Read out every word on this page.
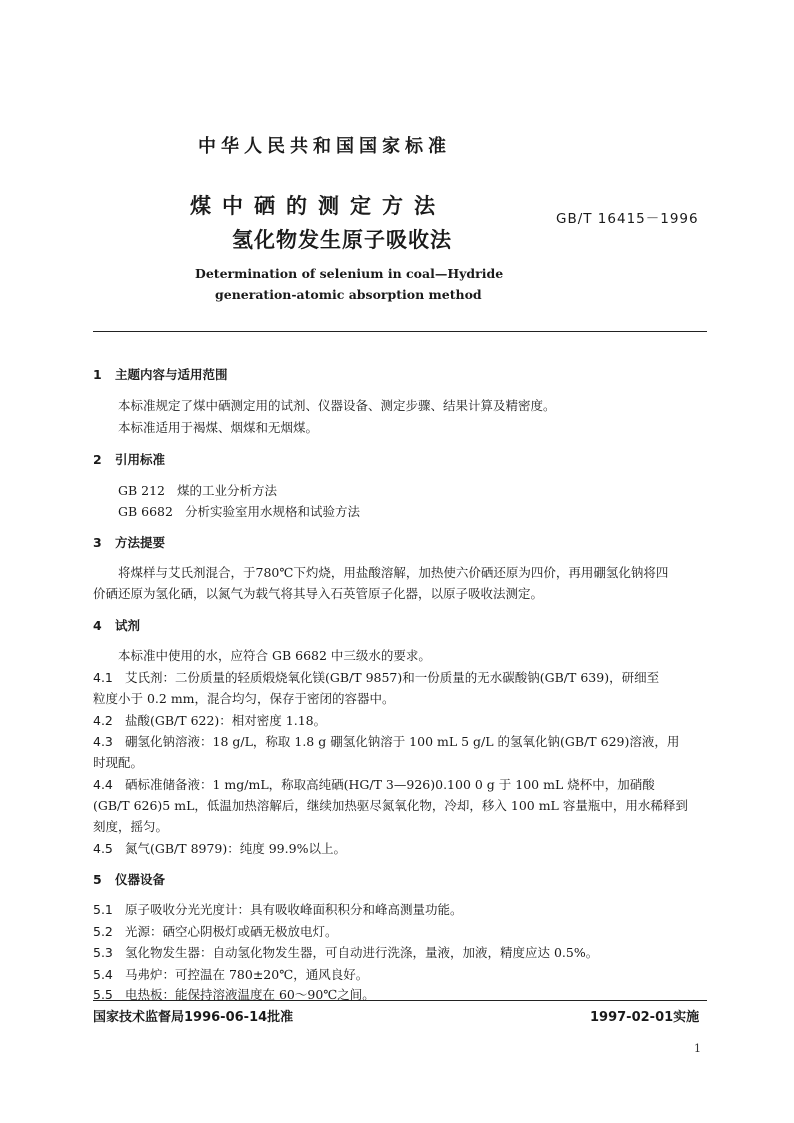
中华人民共和国国家标准
煤中硒的测定方法
氢化物发生原子吸收法
GB/T 16415－1996
Determination of selenium in coal—Hydride
generation-atomic absorption method
1 主题内容与适用范围
本标准规定了煤中硒测定用的试剂、仪器设备、测定步骤、结果计算及精密度。
本标准适用于褐煤、烟煤和无烟煤。
2 引用标准
GB 212 煤的工业分析方法
GB 6682 分析实验室用水规格和试验方法
3 方法提要
将煤样与艾氏剂混合，于780℃下灼烧，用盐酸溶解，加热使六价硒还原为四价，再用硼氢化钠将四
价硒还原为氢化硒，以氮气为载气将其导入石英管原子化器，以原子吸收法测定。
4 试剂
本标准中使用的水，应符合 GB 6682 中三级水的要求。
4.1 艾氏剂：二份质量的轻质煅烧氧化镁(GB/T 9857)和一份质量的无水碳酸钠(GB/T 639)，研细至
粒度小于 0.2 mm，混合均匀，保存于密闭的容器中。
4.2 盐酸(GB/T 622)：相对密度 1.18。
4.3 硼氢化钠溶液：18 g/L，称取 1.8 g 硼氢化钠溶于 100 mL 5 g/L 的氢氧化钠(GB/T 629)溶液，用
时现配。
4.4 硒标准储备液：1 mg/mL，称取高纯硒(HG/T 3—926)0.100 0 g 于 100 mL 烧杯中，加硝酸
(GB/T 626)5 mL，低温加热溶解后，继续加热驱尽氮氧化物，冷却，移入 100 mL 容量瓶中，用水稀释到
刻度，摇匀。
4.5 氮气(GB/T 8979)：纯度 99.9%以上。
5 仪器设备
5.1 原子吸收分光光度计：具有吸收峰面积积分和峰高测量功能。
5.2 光源：硒空心阴极灯或硒无极放电灯。
5.3 氢化物发生器：自动氢化物发生器，可自动进行洗涤，量液，加液，精度应达 0.5%。
5.4 马弗炉：可控温在 780±20℃，通风良好。
5.5 电热板：能保持溶液温度在 60～90℃之间。
国家技术监督局1996-06-14批准	1997-02-01实施
1
